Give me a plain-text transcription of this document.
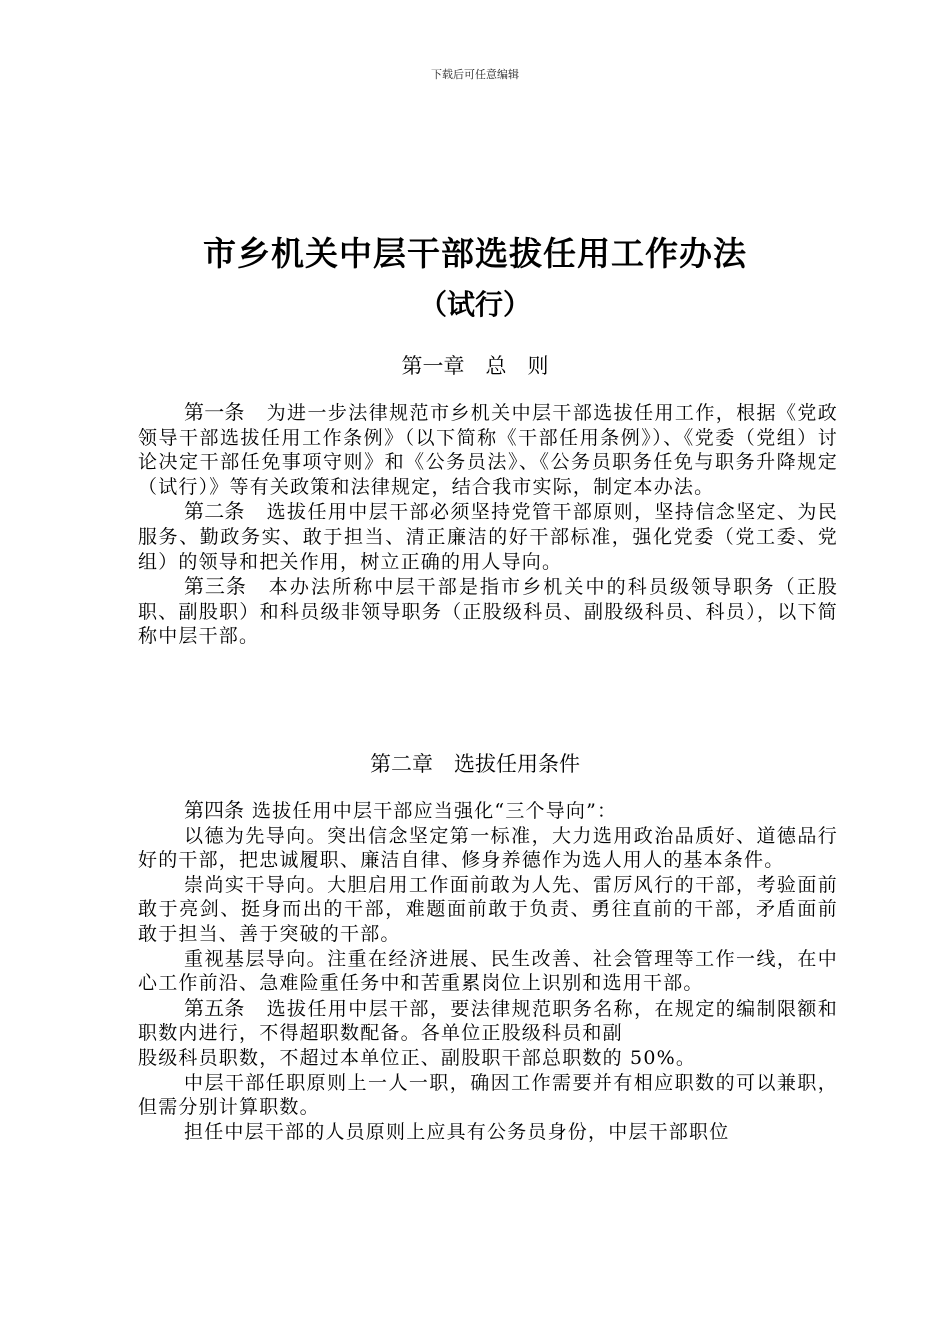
下载后可任意编辑
市乡机关中层干部选拔任用工作办法
（试行）
第一章　总　则

第一条 为进一步法律规范市乡机关中层干部选拔任用工作，根据《党政领导干部选拔任用工作条例》（以下简称《干部任用条例》）、《党委（党组）讨论决定干部任免事项守则》和《公务员法》、《公务员职务任免与职务升降规定（试行）》等有关政策和法律规定，结合我市实际，制定本办法。

第二条 选拔任用中层干部必须坚持党管干部原则，坚持信念坚定、为民服务、勤政务实、敢于担当、清正廉洁的好干部标准，强化党委（党工委、党组）的领导和把关作用，树立正确的用人导向。

第三条 本办法所称中层干部是指市乡机关中的科员级领导职务（正股职、副股职）和科员级非领导职务（正股级科员、副股级科员、科员），以下简称中层干部。

第二章　选拔任用条件

第四条 选拔任用中层干部应当强化“三个导向”：

以德为先导向。突出信念坚定第一标准，大力选用政治品质好、道德品行好的干部，把忠诚履职、廉洁自律、修身养德作为选人用人的基本条件。

崇尚实干导向。大胆启用工作面前敢为人先、雷厉风行的干部，考验面前敢于亮剑、挺身而出的干部，难题面前敢于负责、勇往直前的干部，矛盾面前敢于担当、善于突破的干部。

重视基层导向。注重在经济进展、民生改善、社会管理等工作一线，在中心工作前沿、急难险重任务中和苦重累岗位上识别和选用干部。

第五条 选拔任用中层干部，要法律规范职务名称，在规定的编制限额和职数内进行，不得超职数配备。各单位正股级科员和副

股级科员职数，不超过本单位正、副股职干部总职数的 50%。

中层干部任职原则上一人一职，确因工作需要并有相应职数的可以兼职，但需分别计算职数。

担任中层干部的人员原则上应具有公务员身份，中层干部职位
